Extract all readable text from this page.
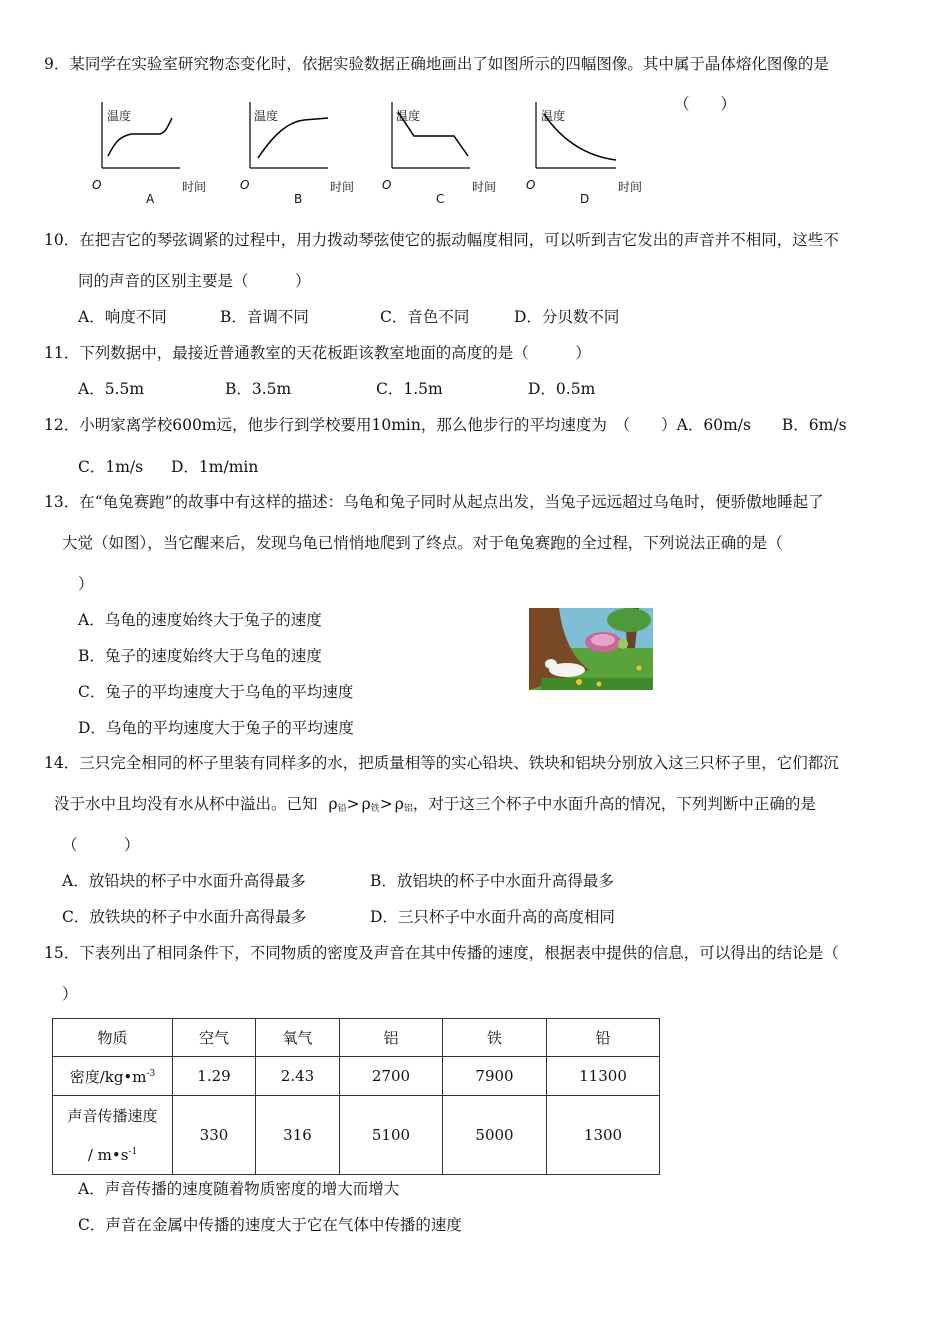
9．某同学在实验室研究物态变化时，依据实验数据正确地画出了如图所示的四幅图像。其中属于晶体熔化图像的是
（　　）
温度
O	时间
A
温度
O	时间
B
温度
O	时间
C
温度
O	时间
D
10．在把吉它的琴弦调紧的过程中，用力拨动琴弦使它的振动幅度相同，可以听到吉它发出的声音并不相同，这些不
同的声音的区别主要是（　　　）
A．响度不同	B．音调不同	C．音色不同	D．分贝数不同
11．下列数据中，最接近普通教室的天花板距该教室地面的高度的是（　　　）
A．5.5m	B．3.5m	C．1.5m	D．0.5m
12．小明家离学校600m远，他步行到学校要用10min，那么他步行的平均速度为　（　　）A．60m/s　　B．6m/s
C．1m/s D．1m/min
13．在“龟兔赛跑”的故事中有这样的描述：乌龟和兔子同时从起点出发，当兔子远远超过乌龟时，便骄傲地睡起了
大觉（如图），当它醒来后，发现乌龟已悄悄地爬到了终点。对于龟兔赛跑的全过程，下列说法正确的是（
）
A．乌龟的速度始终大于兔子的速度
B．兔子的速度始终大于乌龟的速度
C．兔子的平均速度大于乌龟的平均速度
D．乌龟的平均速度大于兔子的平均速度
14．三只完全相同的杯子里装有同样多的水，把质量相等的实心铅块、铁块和铝块分别放入这三只杯子里，它们都沉
没于水中且均没有水从杯中溢出。已知 $\rho_铅> \rho_铁> \rho_铝$，对于这三个杯子中水面升高的情况，下列判断中正确的是
（　　　）
A．放铅块的杯子中水面升高得最多	B．放铝块的杯子中水面升高得最多
C．放铁块的杯子中水面升高得最多	D．三只杯子中水面升高的高度相同
15．下表列出了相同条件下，不同物质的密度及声音在其中传播的速度，根据表中提供的信息，可以得出的结论是（
）
物质	空气	氧气	铝	铁	铅
密度$/kg•m^{-3}$	1.29	2.43	2700	7900	11300

声音传播速度
/ $m•s^{-1}$	330	316	5100	5000	1300
A．声音传播的速度随着物质密度的增大而增大
C．声音在金属中传播的速度大于它在气体中传播的速度
